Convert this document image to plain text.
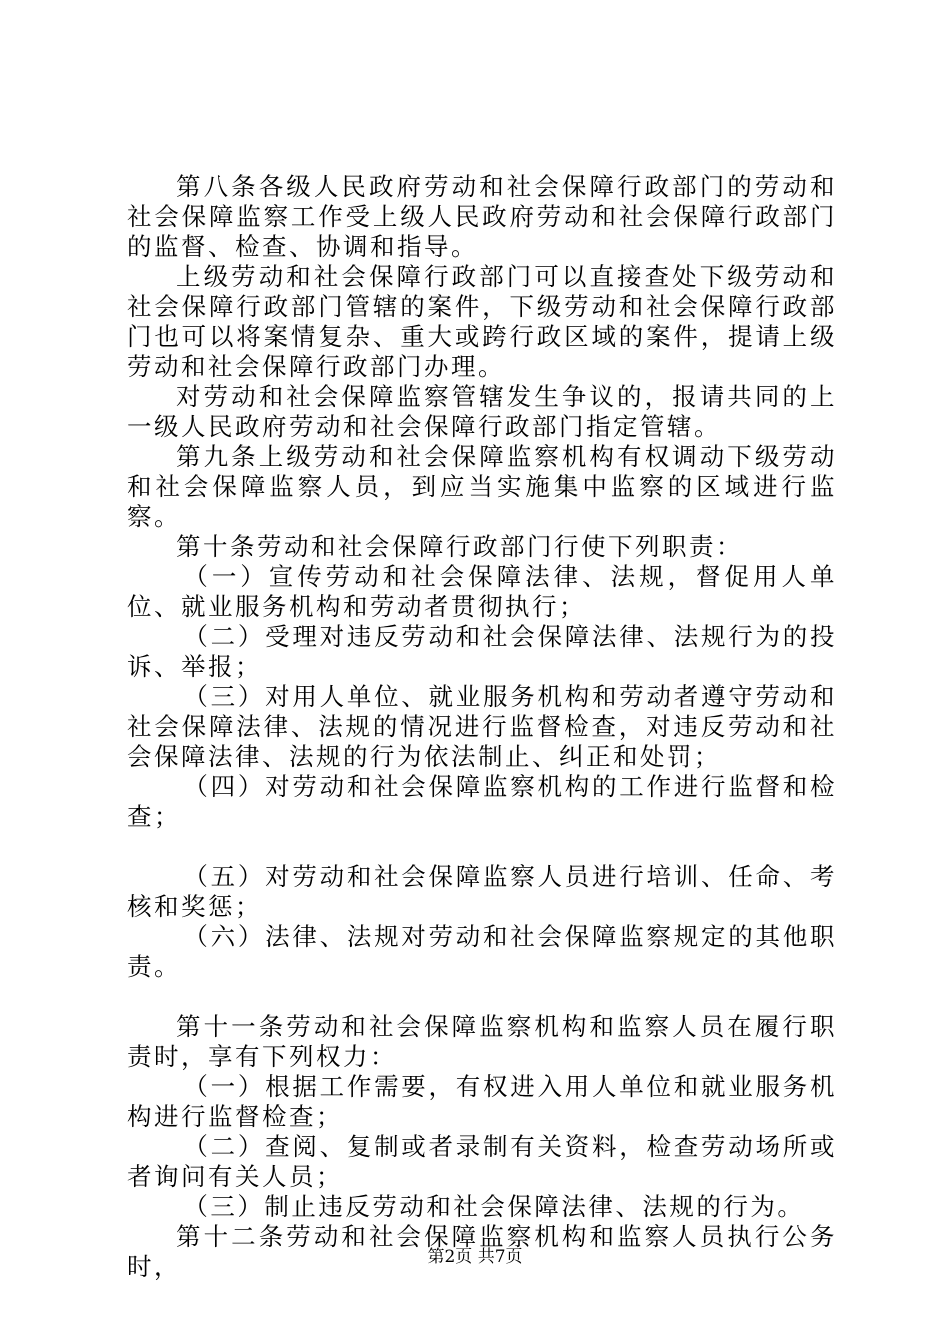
第八条各级人民政府劳动和社会保障行政部门的劳动和社会保障监察工作受上级人民政府劳动和社会保障行政部门的监督、检查、协调和指导。

上级劳动和社会保障行政部门可以直接查处下级劳动和社会保障行政部门管辖的案件，下级劳动和社会保障行政部门也可以将案情复杂、重大或跨行政区域的案件，提请上级劳动和社会保障行政部门办理。

对劳动和社会保障监察管辖发生争议的，报请共同的上一级人民政府劳动和社会保障行政部门指定管辖。

第九条上级劳动和社会保障监察机构有权调动下级劳动和社会保障监察人员，到应当实施集中监察的区域进行监察。

第十条劳动和社会保障行政部门行使下列职责：

（一）宣传劳动和社会保障法律、法规，督促用人单位、就业服务机构和劳动者贯彻执行；

（二）受理对违反劳动和社会保障法律、法规行为的投诉、举报；

（三）对用人单位、就业服务机构和劳动者遵守劳动和社会保障法律、法规的情况进行监督检查，对违反劳动和社会保障法律、法规的行为依法制止、纠正和处罚；

（四）对劳动和社会保障监察机构的工作进行监督和检查；

（五）对劳动和社会保障监察人员进行培训、任命、考核和奖惩；

（六）法律、法规对劳动和社会保障监察规定的其他职责。

第十一条劳动和社会保障监察机构和监察人员在履行职责时，享有下列权力：

（一）根据工作需要，有权进入用人单位和就业服务机构进行监督检查；

（二）查阅、复制或者录制有关资料，检查劳动场所或者询问有关人员；

（三）制止违反劳动和社会保障法律、法规的行为。

第十二条劳动和社会保障监察机构和监察人员执行公务时，	第2页 共7页
